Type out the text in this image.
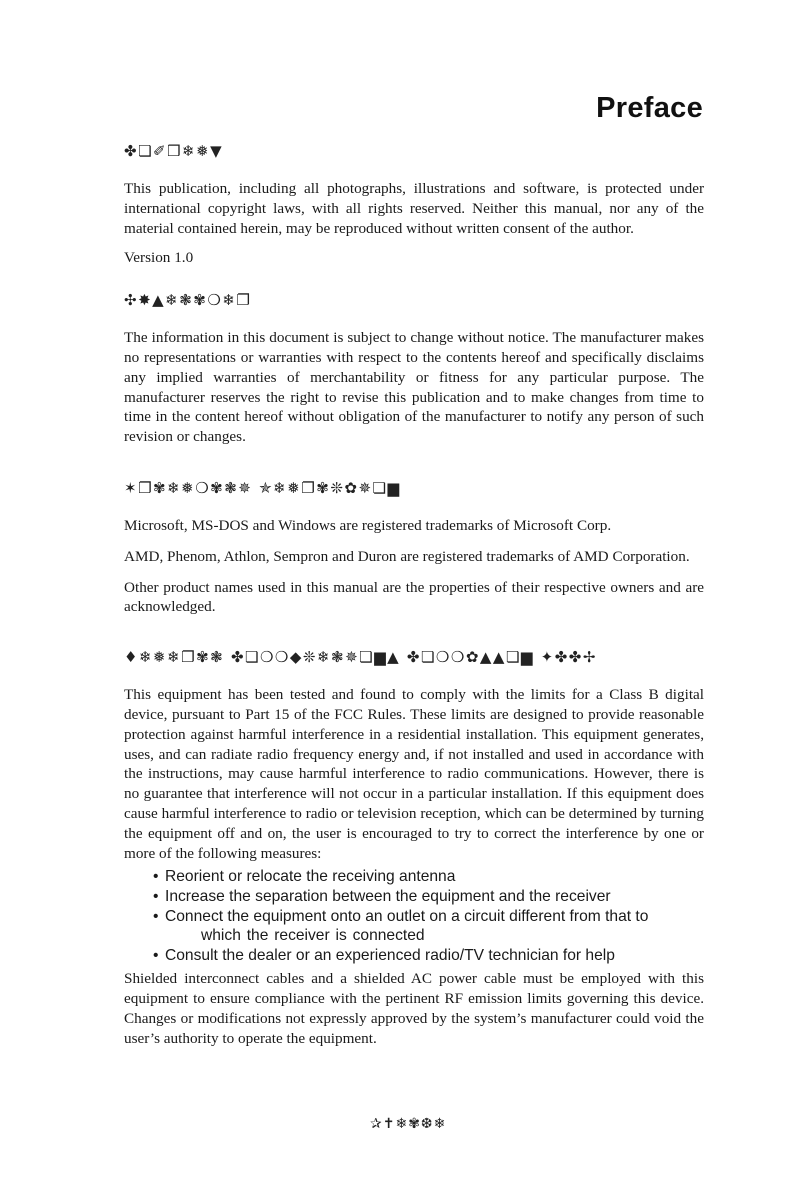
Preface
✤❏✐❒❄❅▼

This publication, including all photographs, illustrations and software, is protected under international copyright laws, with all rights reserved. Neither this manual, nor any of the material contained herein, may be reproduced without written consent of the author.

Version 1.0

✣✸▲❄❃✾❍❄❐

The information in this document is subject to change without notice. The manufacturer makes no representations or warranties with respect to the contents hereof and specifically disclaims any implied warranties of merchantability or fitness for any particular purpose. The manufacturer reserves the right to revise this publication and to make changes from time to time in the content hereof without obligation of the manufacturer to notify any person of such revision or changes.

✶❐✾❄❅❍✾❃✵ ✯❄❅❐✾❊✿✵❏▆

Microsoft, MS-DOS and Windows are registered trademarks of Microsoft Corp.

AMD, Phenom, Athlon, Sempron and Duron are registered trademarks of AMD Corporation.

Other product names used in this manual are the properties of their respective owners and are acknowledged.

♦❄❅❄❐✾❃ ✤❏❍❍◆❊❄❃✵❏▆▲ ✤❏❍❍✿▲▲❏▆ ✦✤✤✢

This equipment has been tested and found to comply with the limits for a Class B digital device, pursuant to Part 15 of the FCC Rules. These limits are designed to provide reasonable protection against harmful interference in a residential installation. This equipment generates, uses, and can radiate radio frequency energy and, if not installed and used in accordance with the instructions, may cause harmful interference to radio communications. However, there is no guarantee that interference will not occur in a particular installation. If this equipment does cause harmful interference to radio or television reception, which can be determined by turning the equipment off and on, the user is encouraged to try to correct the interference by one or more of the following measures:

• Reorient or relocate the receiving antenna
• Increase the separation between the equipment and the receiver
• Connect the equipment onto an outlet on a circuit different from that to
which the receiver is connected
• Consult the dealer or an experienced radio/TV technician for help

Shielded interconnect cables and a shielded AC power cable must be employed with this equipment to ensure compliance with the pertinent RF emission limits governing this device. Changes or modifications not expressly approved by the system’s manufacturer could void the user’s authority to operate the equipment.

✰✝❄✾❆❄
